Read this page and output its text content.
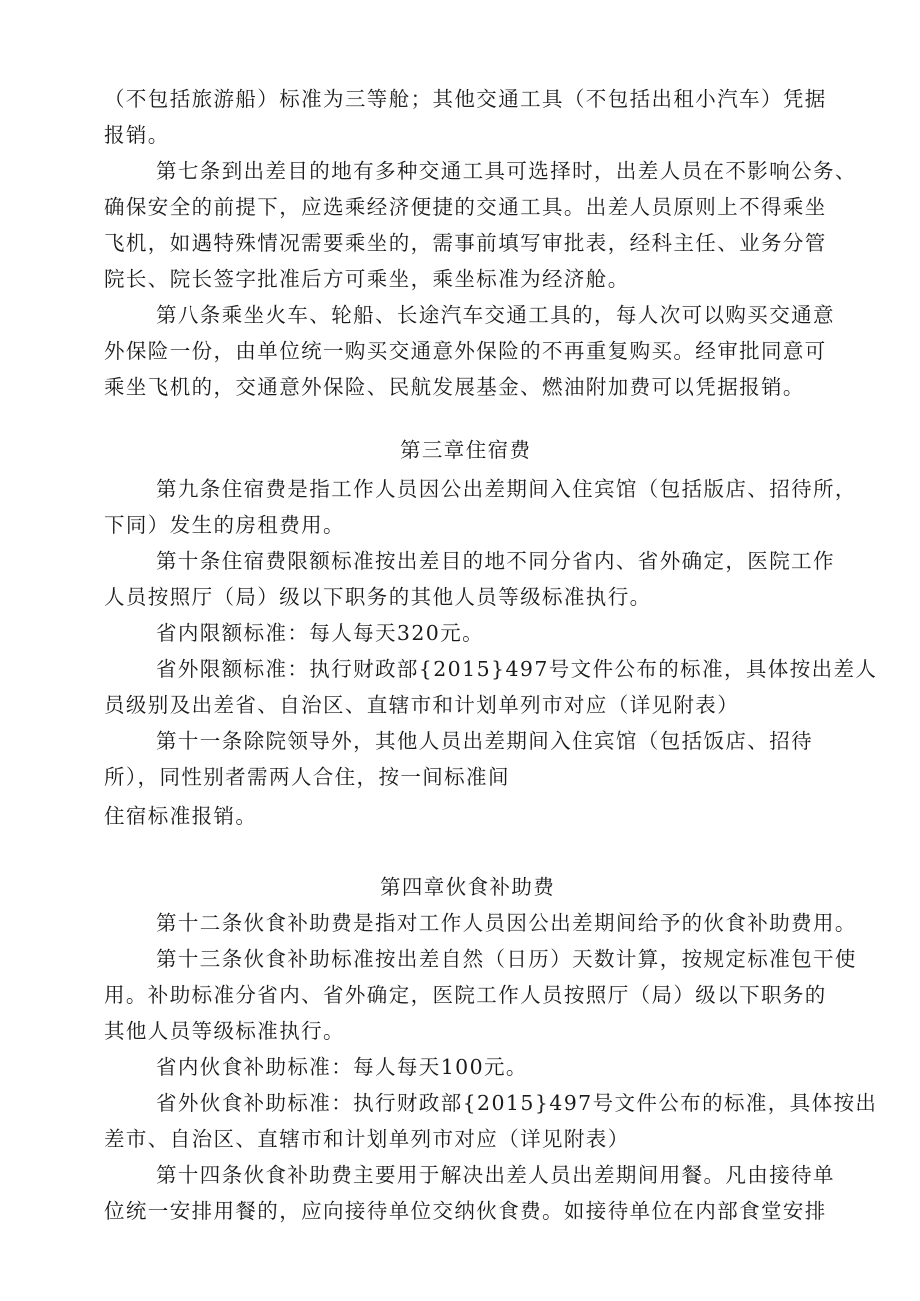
（不包括旅游船）标准为三等舱；其他交通工具（不包括出租小汽车）凭据
报销。
第七条到出差目的地有多种交通工具可选择时，出差人员在不影响公务、
确保安全的前提下，应选乘经济便捷的交通工具。出差人员原则上不得乘坐
飞机，如遇特殊情况需要乘坐的，需事前填写审批表，经科主任、业务分管
院长、院长签字批准后方可乘坐，乘坐标准为经济舱。
第八条乘坐火车、轮船、长途汽车交通工具的，每人次可以购买交通意
外保险一份，由单位统一购买交通意外保险的不再重复购买。经审批同意可
乘坐飞机的，交通意外保险、民航发展基金、燃油附加费可以凭据报销。
第三章住宿费
第九条住宿费是指工作人员因公出差期间入住宾馆（包括版店、招待所，
下同）发生的房租费用。
第十条住宿费限额标准按出差目的地不同分省内、省外确定，医院工作
人员按照厅（局）级以下职务的其他人员等级标准执行。
省内限额标准：每人每天320元。
省外限额标准：执行财政部{2015}497号文件公布的标准，具体按出差人
员级别及出差省、自治区、直辖市和计划单列市对应（详见附表）
第十一条除院领导外，其他人员出差期间入住宾馆（包括饭店、招待
所），同性别者需两人合住，按一间标准间
住宿标准报销。
第四章伙食补助费
第十二条伙食补助费是指对工作人员因公出差期间给予的伙食补助费用。
第十三条伙食补助标准按出差自然（日历）天数计算，按规定标准包干使
用。补助标准分省内、省外确定，医院工作人员按照厅（局）级以下职务的
其他人员等级标准执行。
省内伙食补助标准：每人每天100元。
省外伙食补助标准：执行财政部{2015}497号文件公布的标准，具体按出
差市、自治区、直辖市和计划单列市对应（详见附表）
第十四条伙食补助费主要用于解决出差人员出差期间用餐。凡由接待单
位统一安排用餐的，应向接待单位交纳伙食费。如接待单位在内部食堂安排
